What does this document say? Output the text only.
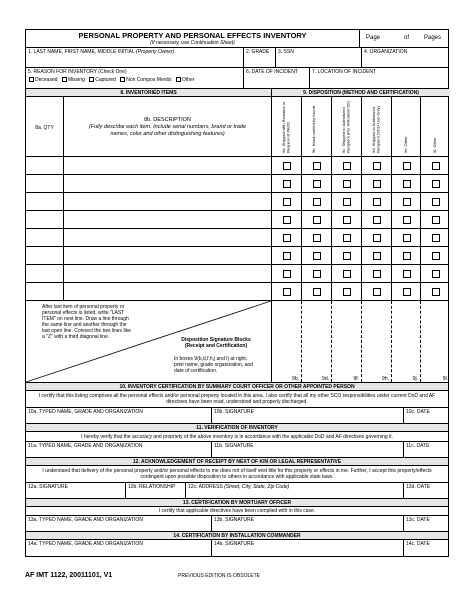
PERSONAL PROPERTY AND PERSONAL EFFECTS INVENTORY
(If necessary, use Continuation Sheet)
Page	of Pages
1. LAST NAME, FIRST NAME, MIDDLE INITIAL (Property Owner)	2. GRADE 3. SSN	4. ORGANIZATION
5. REASON FOR INVENTORY (Check One)
Deceased Missing Captured Non Compos Mentis Other
6. DATE OF INCIDENT	7. LOCATION OF INCIDENT
8. INVENTORIED ITEMS	9. DISPOSITION (METHOD AND CERTIFICATION)
8a. QTY
8b. DESCRIPTION
(Fully describe each item. Include serial numbers, brand or trade names, color and other distinguishing features)	9a. Shipped with Remains or Request of PADD	9b. Hand-carried by escort	9c. Shipped to Authorized Recipient (Per Ntfication/ Dir)	9d. Shipped to Authorized Recipient (SCO-Use Only)	9e. Other	9f. Other
After last item of personal property or personal effects is listed, write "LAST ITEM" on next line. Draw a line through the same line and another through the last open line. Connect the two lines like a "Z" with a third diagonal line.	Disposition Signature Blocks
(Receipt and Certification)
In boxes 9(b,d,f,h,j and l) at right, print name, grade organization, and date of certification.
9b.	9d.	9f.	9h.	9j.	9l.
10. INVENTORY CERTIFICATION BY SUMMARY COURT OFFICER OR OTHER APPOINTED PERSON
I certify that this listing comprises all the personal effects and/or personal property located in this area. I also certify that all my other SCO responsibilities under current DoD and AF directives have been read, understood and properly discharged.
10a. TYPED NAME, GRADE AND ORGANIZATION	10b. SIGNATURE	10c. DATE
11. VERIFICATION OF INVENTORY
I hereby verify that the accuracy and propriety of the above inventory is in accordance with the applicable DoD and AF directives governing it.
11a. TYPED NAME, GRADE AND ORGANIZATION	11b. SIGNATURE	11c. DATE
12. ACKNOWLEDGEMENT OF RECEIPT BY NEXT OF KIN OR LEGAL REPRESENTATIVE
I understand that delivery of the personal property and/or personal effects to me does not of itself vest title for this property or effects in me. Further, I accept this property/effects contingent upon possible disposition to others in accordance with applicable state laws.
12a. SIGNATURE	12b. RELATIONSHIP	12c. ADDRESS (Street, City, State, Zip Code)	12d. DATE
13. CERTIFICATION BY MORTUARY OFFICER
I certify that applicable directives have been complied with in this case.
13a. TYPED NAME, GRADE AND ORGANIZATION	13b. SIGNATURE	13c. DATE
14. CERTIFICATION BY INSTALLATION COMMANDER
14a. TYPED NAME, GRADE AND ORGANIZATION	14b. SIGNATURE	14c. DATE
AF IMT 1122, 20011101, V1	PREVIOUS EDITION IS OBSOLETE
